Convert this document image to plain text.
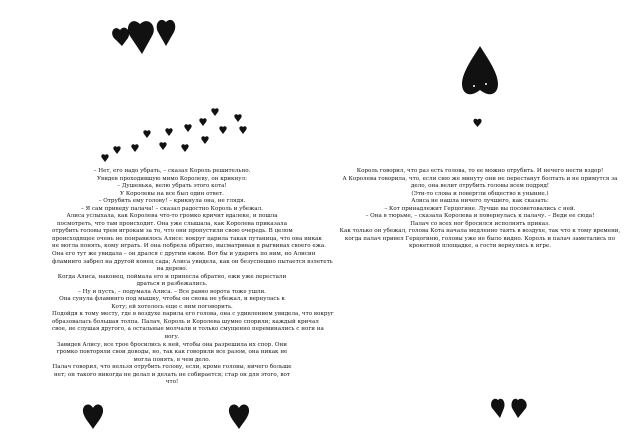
– Нет, его надо убрать, – сказал Король решительно.
Увидев проходившую мимо Королеву, он крикнул:
– Душенька, велю убрать этого кота!
У Королевы на все был один ответ.
– Отрубить ему голову! – крикнула она, не глядя.
– Я сам приведу палача! – сказал радостно Король и убежал.
Алиса услыхала, как Королева что-то громко кричит вдалеке, и пошла
посмотреть, что там происходит. Она уже слышала, как Королева приказала
отрубить головы трем игрокам за то, что они пропустили свою очередь. В целом
происходящее очень не понравилось Алисе: вокруг царила такая путаница, что она никак
не могла понять, кому играть. И она побрела обратно, высматривая в рыгвинах своего ежа.
Она его тут же увидала – он дрался с другим ежом. Вот бы и ударить по ним, но Алисин
фламинго забрел на другой конец сада; Алиса увидела, как он безуспешно пытается взлететь
на дерево.
Когда Алиса, наконец, поймала его и принесла обратно, ежи уже перестали драться и разбежались.
– Ну и пусть, – подумала Алиса. – Все равно ворота тоже ушли.
Она сунула фламинго под мышку, чтобы он снова не убежал, и вернулась к Коту; ей хотелось еще с ним поговорить.
Подойдя к тому месту, где в воздухе парила его голова, она с удивлением увидела, что вокруг
образовалась большая толпа. Палач, Король и Королева шумно спорили; каждый кричал
свое, не слушая другого, а остальные молчали и только смущенно переминались с ноги на
ногу.
Завидев Алису, все трое бросились к ней, чтобы она разрешила их спор. Они громко повторяли свои доводы, но, так как говорили все разом, она никак не могла понять, в чем дело.
Палач говорил, что нельзя отрубить голову, если, кроме головы, ничего больше нет; он такого никогда не делал и делать не собирается; стар он для этого, вот что!
Король говорил, что раз есть голова, то ее можно отрубить. И нечего нести вздор!
А Королева говорила, что, если сию же минуту они не перестанут болтать и не примутся за
дело, она велит отрубить головы всем подряд!
(Эти-то слова и повергли общество в уныние.)
Алиса не нашла ничего лучшего, как сказать:
– Кот принадлежит Герцогине. Лучше вы посоветовались с ней.
– Она в тюрьме, – сказала Королева и повернулась к палачу. – Веди ее сюда!
Палач со всех ног бросился исполнять приказ.
Как только он убежал, голова Кота начала медленно таять в воздухе, так что к тому времени,
когда палач привел Герцогиню, головы уже не было видно. Король и палач заметались по
крокетной площадке, а гости вернулись к игре.
